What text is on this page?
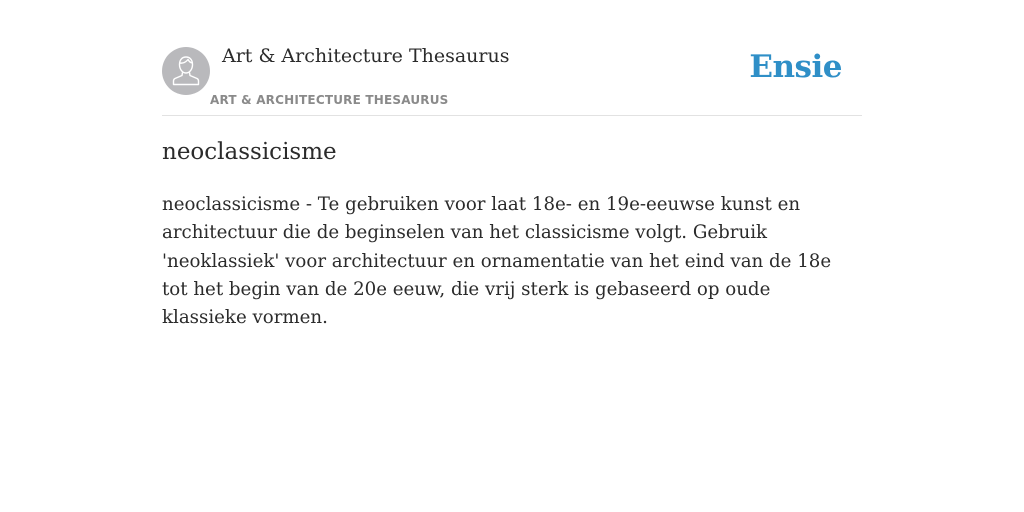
Art & Architecture Thesaurus
ART & ARCHITECTURE THESAURUS
Ensie
neoclassicisme

neoclassicisme - Te gebruiken voor laat 18e- en 19e-eeuwse kunst en architectuur die de beginselen van het classicisme volgt. Gebruik 'neoklassiek' voor architectuur en ornamentatie van het eind van de 18e tot het begin van de 20e eeuw, die vrij sterk is gebaseerd op oude klassieke vormen.
